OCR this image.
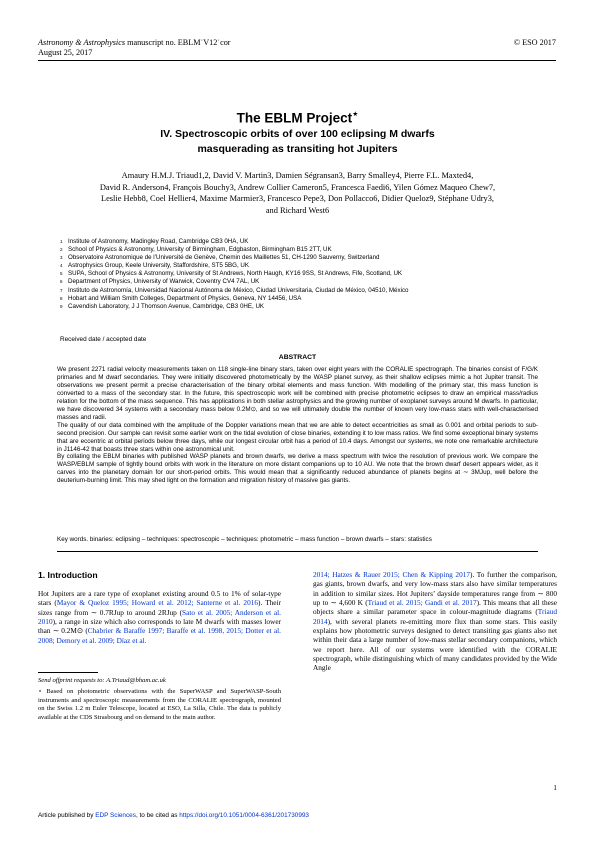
Astronomy & Astrophysics manuscript no. EBLM˙V12˙cor
August 25, 2017
© ESO 2017
The EBLM Project⋆
IV. Spectroscopic orbits of over 100 eclipsing M dwarfs
masquerading as transiting hot Jupiters
Amaury H.M.J. Triaud1,2, David V. Martin3, Damien Ségransan3, Barry Smalley4, Pierre F.L. Maxted4,
David R. Anderson4, François Bouchy3, Andrew Collier Cameron5, Francesca Faedi6, Yilen Gómez Maqueo Chew7,
Leslie Hebb8, Coel Hellier4, Maxime Marmier3, Francesco Pepe3, Don Pollacco6, Didier Queloz9, Stéphane Udry3,
and Richard West6
$^1$ Institute of Astronomy, Madingley Road, Cambridge CB3 0HA, UK
$^2$ School of Physics & Astronomy, University of Birmingham, Edgbaston, Birmingham B15 2TT, UK
$^3$ Observatoire Astronomique de l’Université de Genève, Chemin des Maillettes 51, CH-1290 Sauverny, Switzerland
$^4$ Astrophysics Group, Keele University, Staffordshire, ST5 5BG, UK
$^5$ SUPA, School of Physics & Astronomy, University of St Andrews, North Haugh, KY16 9SS, St Andrews, Fife, Scotland, UK
$^6$ Department of Physics, University of Warwick, Coventry CV4 7AL, UK
$^7$ Instituto de Astronomía, Universidad Nacional Autónoma de México, Ciudad Universitaria, Ciudad de México, 04510, México
$^8$ Hobart and William Smith Colleges, Department of Physics, Geneva, NY 14456, USA
$^9$ Cavendish Laboratory, J J Thomson Avenue, Cambridge, CB3 0HE, UK
Received date / accepted date
ABSTRACT

We present 2271 radial velocity measurements taken on 118 single-line binary stars, taken over eight years with the CORALIE spectrograph. The binaries consist of F/G/K primaries and M dwarf secondaries. They were initially discovered photometrically by the WASP planet survey, as their shallow eclipses mimic a hot Jupiter transit. The observations we present permit a precise characterisation of the binary orbital elements and mass function. With modelling of the primary star, this mass function is converted to a mass of the secondary star. In the future, this spectroscopic work will be combined with precise photometric eclipses to draw an empirical mass/radius relation for the bottom of the mass sequence. This has applications in both stellar astrophysics and the growing number of exoplanet surveys around M dwarfs. In particular, we have discovered 34 systems with a secondary mass below 0.2M⊙, and so we will ultimately double the number of known very low-mass stars with well-characterised masses and radii.

The quality of our data combined with the amplitude of the Doppler variations mean that we are able to detect eccentricities as small as 0.001 and orbital periods to sub-second precision. Our sample can revisit some earlier work on the tidal evolution of close binaries, extending it to low mass ratios. We find some exceptional binary systems that are eccentric at orbital periods below three days, while our longest circular orbit has a period of 10.4 days. Amongst our systems, we note one remarkable architecture in J1146-42 that boasts three stars within one astronomical unit.

By collating the EBLM binaries with published WASP planets and brown dwarfs, we derive a mass spectrum with twice the resolution of previous work. We compare the WASP/EBLM sample of tightly bound orbits with work in the literature on more distant companions up to 10 AU. We note that the brown dwarf desert appears wider, as it carves into the planetary domain for our short-period orbits. This would mean that a significantly reduced abundance of planets begins at ∼ 3MJup, well before the deuterium-burning limit. This may shed light on the formation and migration history of massive gas giants.

Key words. binaries: eclipsing – techniques: spectroscopic – techniques: photometric – mass function – brown dwarfs – stars: statistics
1. Introduction
Hot Jupiters are a rare type of exoplanet existing around 0.5 to 1% of solar-type stars (Mayor & Queloz 1995; Howard et al. 2012; Santerne et al. 2016). Their sizes range from ∼ 0.7RJup to around 2RJup (Sato et al. 2005; Anderson et al. 2010), a range in size which also corresponds to late M dwarfs with masses lower than ∼ 0.2M⊙ (Chabrier & Baraffe 1997; Baraffe et al. 1998, 2015; Dotter et al. 2008; Demory et al. 2009; Díaz et al.
Send offprint requests to: A.Triaud@bham.ac.uk
⋆ Based on photometric observations with the SuperWASP and SuperWASP-South instruments and spectroscopic measurements from the CORALIE spectrograph, mounted on the Swiss 1.2 m Euler Telescope, located at ESO, La Silla, Chile. The data is publicly available at the CDS Strasbourg and on demand to the main author.
2014; Hatzes & Rauer 2015; Chen & Kipping 2017). To further the comparison, gas giants, brown dwarfs, and very low-mass stars also have similar temperatures in addition to similar sizes. Hot Jupiters’ dayside temperatures range from ∼ 800 up to ∼ 4,600 K (Triaud et al. 2015; Gandi et al. 2017). This means that all these objects share a similar parameter space in colour-magnitude diagrams (Triaud 2014), with several planets re-emitting more flux than some stars. This easily explains how photometric surveys designed to detect transiting gas giants also net within their data a large number of low-mass stellar secondary companions, which we report here. All of our systems were identified with the CORALIE spectrograph, while distinguishing which of many candidates provided by the Wide Angle
1
Article published by EDP Sciences, to be cited as https://doi.org/10.1051/0004-6361/201730993
